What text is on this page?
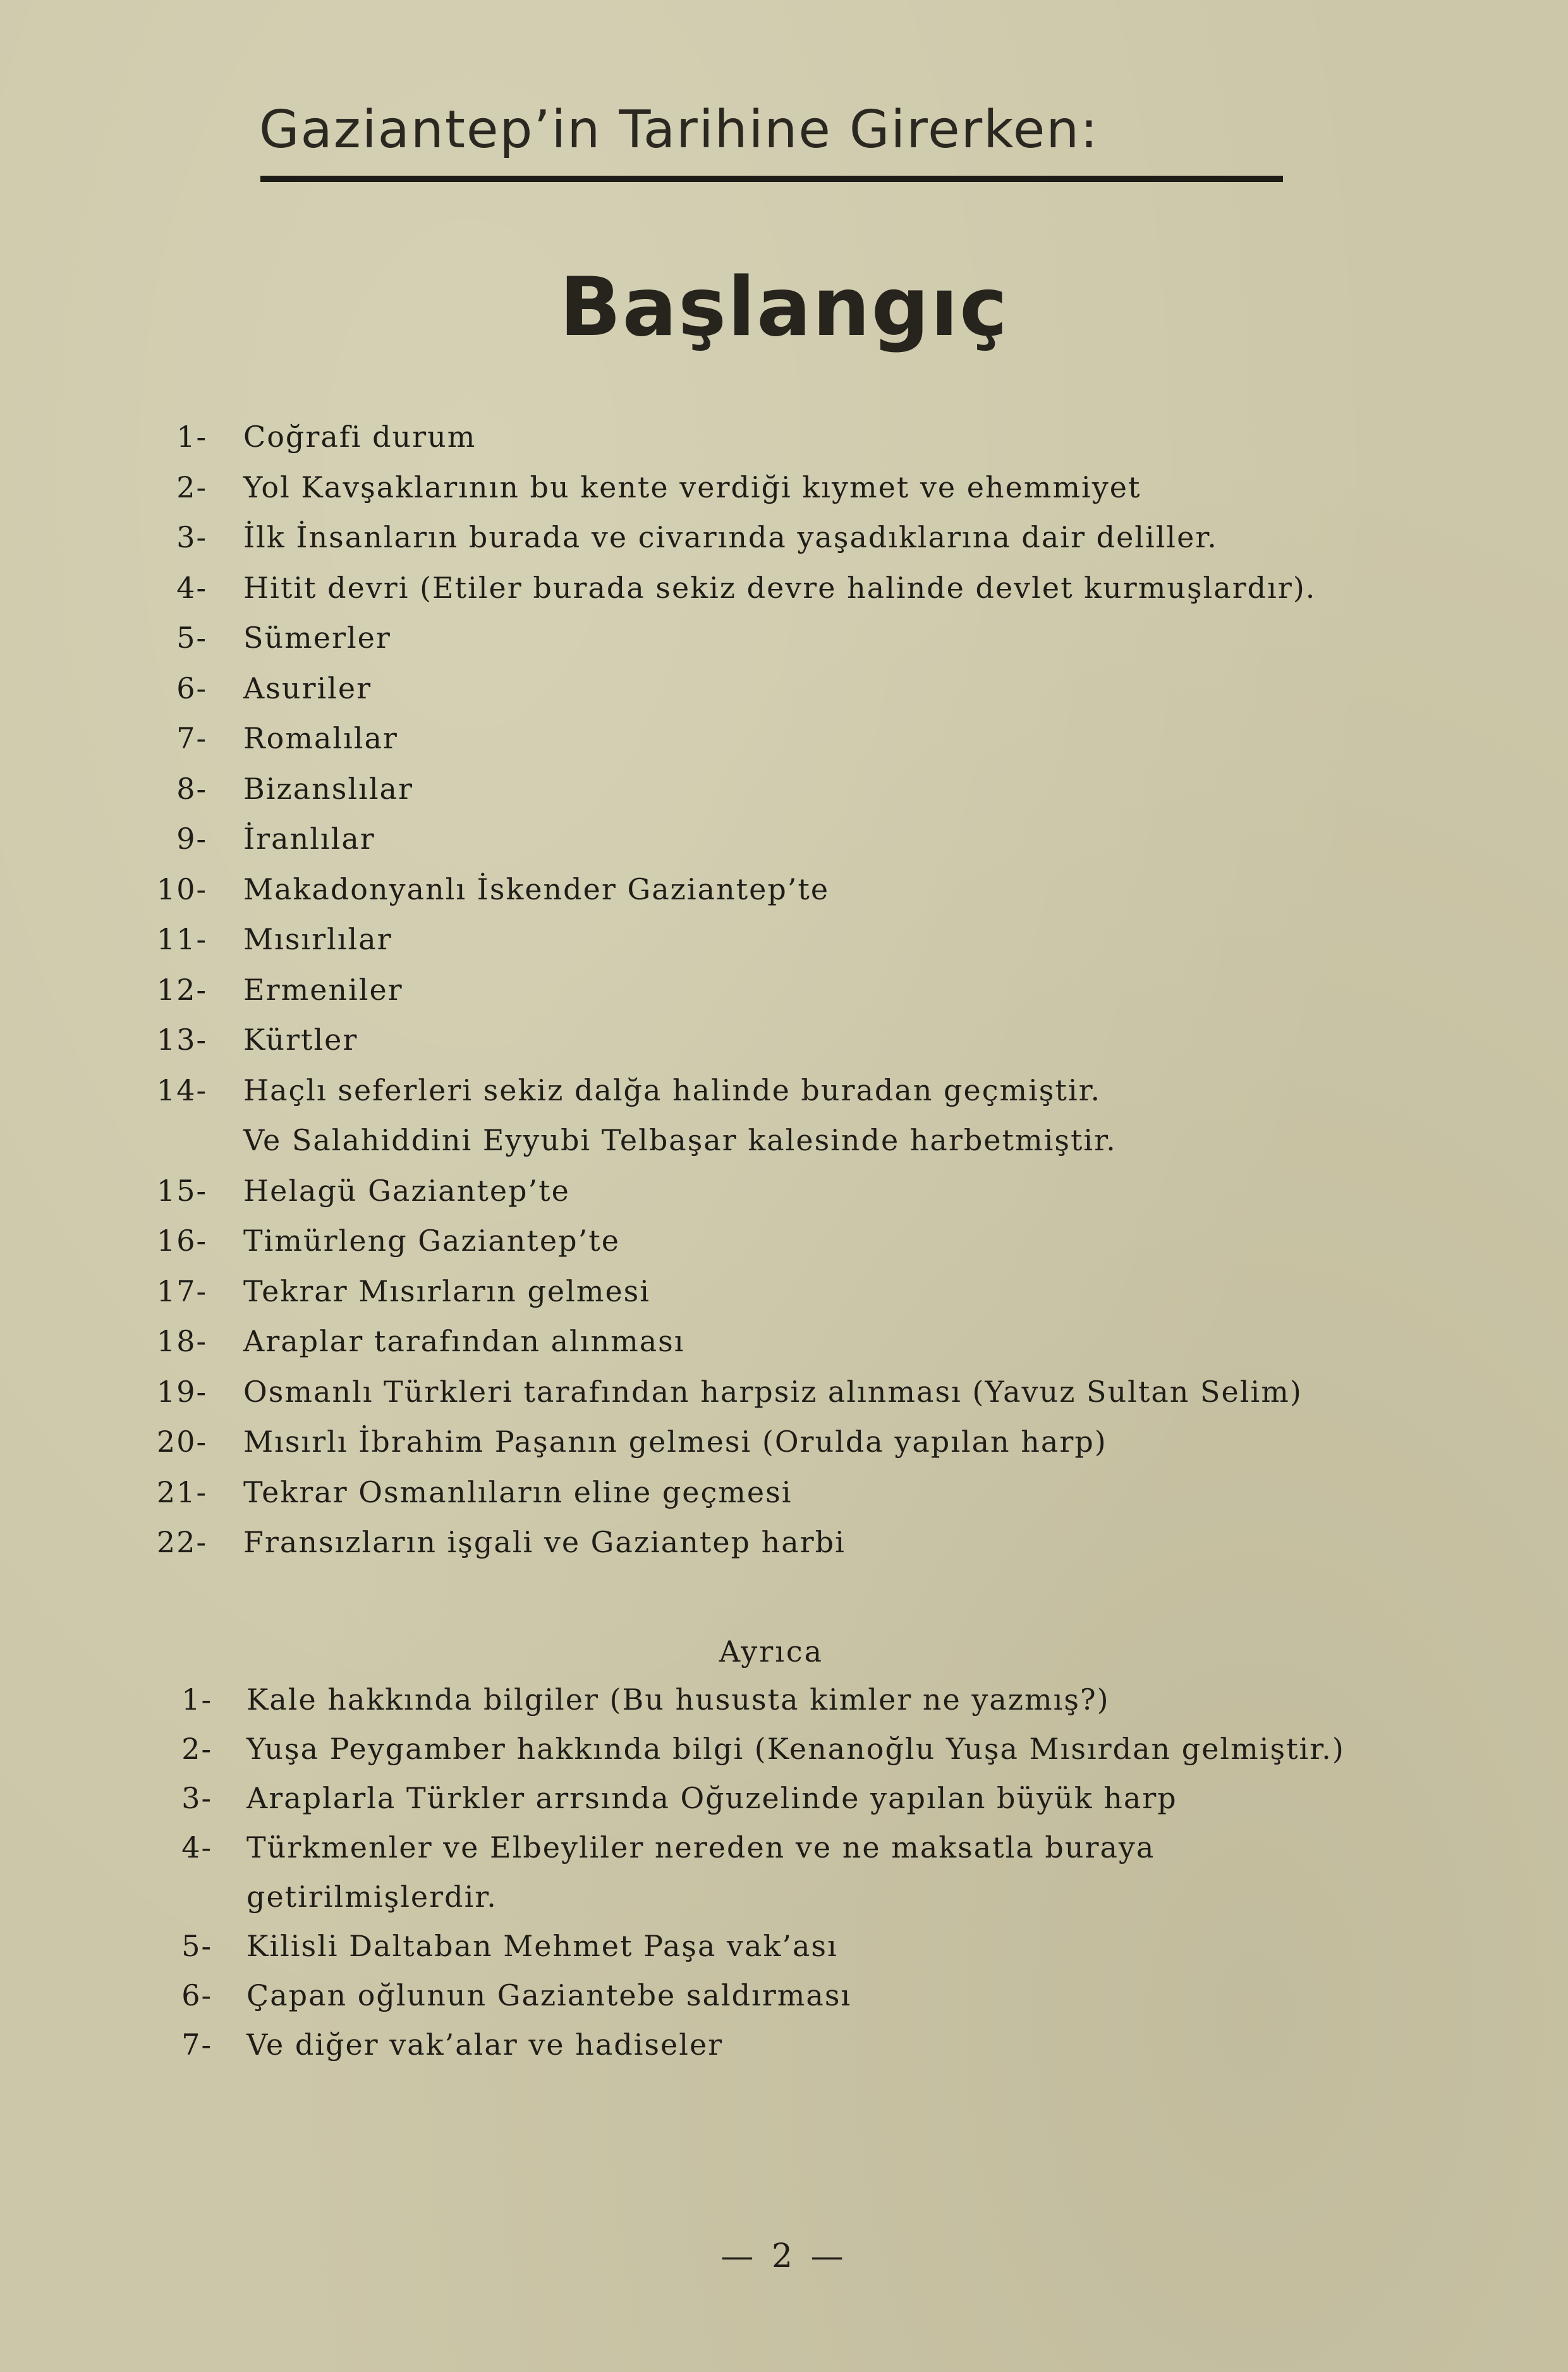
Gaziantep’in Tarihine Girerken:
Başlangıç
1- Coğrafi durum
2- Yol Kavşaklarının bu kente verdiği kıymet ve ehemmiyet
3- İlk İnsanların burada ve civarında yaşadıklarına dair deliller.
4- Hitit devri (Etiler burada sekiz devre halinde devlet kurmuşlardır).
5- Sümerler
6- Asuriler
7- Romalılar
8- Bizanslılar
9- İranlılar
10- Makadonyanlı İskender Gaziantep’te
11- Mısırlılar
12- Ermeniler
13- Kürtler
14- Haçlı seferleri sekiz dalğa halinde buradan geçmiştir.
Ve Salahiddini Eyyubi Telbaşar kalesinde harbetmiştir.
15- Helagü Gaziantep’te
16- Timürleng Gaziantep’te
17- Tekrar Mısırların gelmesi
18- Araplar tarafından alınması
19- Osmanlı Türkleri tarafından harpsiz alınması (Yavuz Sultan Selim)
20- Mısırlı İbrahim Paşanın gelmesi (Orulda yapılan harp)
21- Tekrar Osmanlıların eline geçmesi
22- Fransızların işgali ve Gaziantep harbi
Ayrıca
1- Kale hakkında bilgiler (Bu hususta kimler ne yazmış?)
2- Yuşa Peygamber hakkında bilgi (Kenanoğlu Yuşa Mısırdan gelmiştir.)
3- Araplarla Türkler arrsında Oğuzelinde yapılan büyük harp
4- Türkmenler ve Elbeyliler nereden ve ne maksatla buraya
getirilmişlerdir.
5- Kilisli Daltaban Mehmet Paşa vak’ası
6- Çapan oğlunun Gaziantebe saldırması
7- Ve diğer vak’alar ve hadiseler
— 2 —
